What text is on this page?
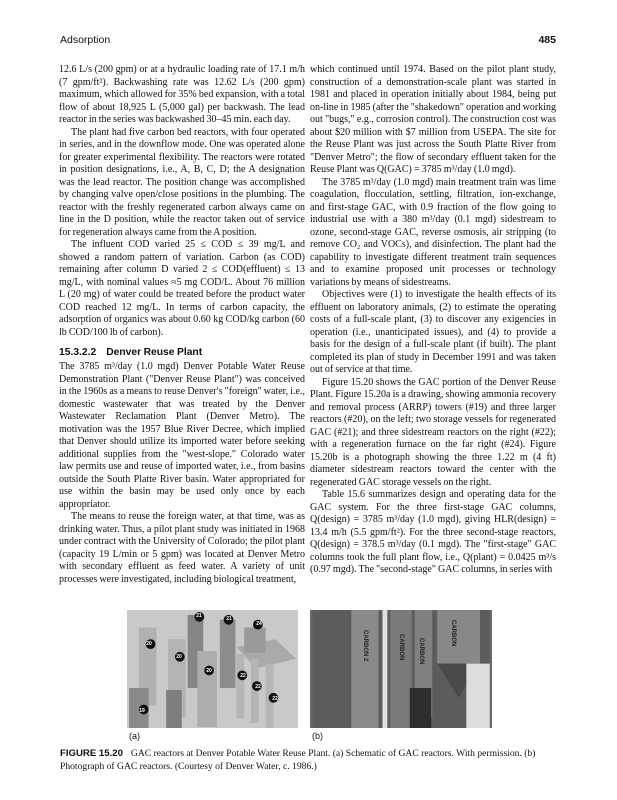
Adsorption	485

12.6 L/s (200 gpm) or at a hydraulic loading rate of 17.1 m/h (7 gpm/ft²). Backwashing rate was 12.62 L/s (200 gpm) maximum, which allowed for 35% bed expansion, with a total flow of about 18,925 L (5,000 gal) per backwash. The lead reactor in the series was backwashed 30–45 min. each day.

The plant had five carbon bed reactors, with four operated in series, and in the downflow mode. One was operated alone for greater experimental flexibility. The reactors were rotated in position designations, i.e., A, B, C, D; the A designation was the lead reactor. The position change was accomplished by changing valve open/close positions in the plumbing. The reactor with the freshly regenerated carbon always came on line in the D position, while the reactor taken out of service for regeneration always came from the A position.

The influent COD varied 25 ≤ COD ≤ 39 mg/L and showed a random pattern of variation. Carbon (as COD) remaining after column D varied 2 ≤ COD(effluent) ≤ 13 mg/L, with nominal values ≈5 mg COD/L. About 76 million L (20 mg) of water could be treated before the product water COD reached 12 mg/L. In terms of carbon capacity, the adsorption of organics was about 0.60 kg COD/kg carbon (60 lb COD/100 lb of carbon).

15.3.2.2 Denver Reuse Plant

The 3785 m³/day (1.0 mgd) Denver Potable Water Reuse Demonstration Plant ("Denver Reuse Plant") was conceived in the 1960s as a means to reuse Denver's "foreign" water, i.e., domestic wastewater that was treated by the Denver Wastewater Reclamation Plant (Denver Metro). The motivation was the 1957 Blue River Decree, which implied that Denver should utilize its imported water before seeking additional supplies from the "west-slope." Colorado water law permits use and reuse of imported water, i.e., from basins outside the South Platte River basin. Water appropriated for use within the basin may be used only once by each appropriator.

The means to reuse the foreign water, at that time, was as drinking water. Thus, a pilot plant study was initiated in 1968 under contract with the University of Colorado; the pilot plant (capacity 19 L/min or 5 gpm) was located at Denver Metro with secondary effluent as feed water. A variety of unit processes were investigated, including biological treatment,

which continued until 1974. Based on the pilot plant study, construction of a demonstration-scale plant was started in 1981 and placed in operation initially about 1984, being put on-line in 1985 (after the "shakedown" operation and working out "bugs," e.g., corrosion control). The construction cost was about $20 million with $7 million from USEPA. The site for the Reuse Plant was just across the South Platte River from "Denver Metro"; the flow of secondary effluent taken for the Reuse Plant was Q(GAC) = 3785 m³/day (1.0 mgd).

The 3785 m³/day (1.0 mgd) main treatment train was lime coagulation, flocculation, settling, filtration, ion-exchange, and first-stage GAC, with 0.9 fraction of the flow going to industrial use with a 380 m³/day (0.1 mgd) sidestream to ozone, second-stage GAC, reverse osmosis, air stripping (to remove CO₂ and VOCs), and disinfection. The plant had the capability to investigate different treatment train sequences and to examine proposed unit processes or technology variations by means of sidestreams.

Objectives were (1) to investigate the health effects of its effluent on laboratory animals, (2) to estimate the operating costs of a full-scale plant, (3) to discover any exigencies in operation (i.e., unanticipated issues), and (4) to provide a basis for the design of a full-scale plant (if built). The plant completed its plan of study in December 1991 and was taken out of service at that time.

Figure 15.20 shows the GAC portion of the Denver Reuse Plant. Figure 15.20a is a drawing, showing ammonia recovery and removal process (ARRP) towers (#19) and three larger reactors (#20), on the left; two storage vessels for regenerated GAC (#21); and three sidestream reactors on the right (#22); with a regeneration furnace on the far right (#24). Figure 15.20b is a photograph showing the three 1.22 m (4 ft) diameter sidestream reactors toward the center with the regenerated GAC storage vessels on the right.

Table 15.6 summarizes design and operating data for the GAC system. For the three first-stage GAC columns, Q(design) = 3785 m³/day (1.0 mgd), giving HLR(design) = 13.4 m/h (5.5 gpm/ft²). For the three second-stage reactors, Q(design) = 378.5 m³/day (0.1 mgd). The "first-stage" GAC columns took the full plant flow, i.e., Q(plant) = 0.0425 m³/s (0.97 mgd). The "second-stage" GAC columns, in series with

21	21
24
20
20
20
22
22
22
19
CARBON 2	CARBON CARBON
CARBON
(a)	(b)
FIGURE 15.20 GAC reactors at Denver Potable Water Reuse Plant. (a) Schematic of GAC reactors. With permission. (b) Photograph of GAC reactors. (Courtesy of Denver Water, c. 1986.)
